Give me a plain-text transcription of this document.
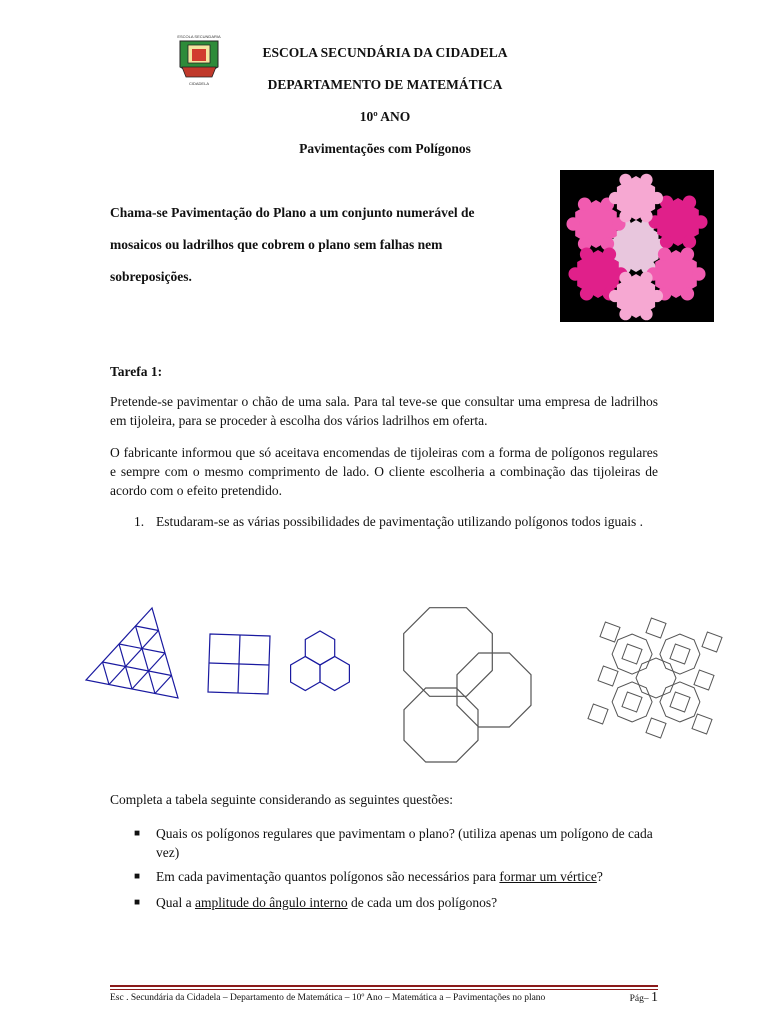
ESCOLA SECUNDARIA
CIDADELA
ESCOLA SECUNDÁRIA DA CIDADELA
DEPARTAMENTO DE MATEMÁTICA
10º ANO
Pavimentações com Polígonos
Chama-se Pavimentação do Plano a um conjunto numerável de
mosaicos ou ladrilhos que cobrem o plano sem falhas nem
sobreposições.
Tarefa 1:
Pretende-se pavimentar o chão de uma sala. Para tal teve-se que consultar uma empresa de ladrilhos em tijoleira, para se proceder à escolha dos vários ladrilhos em oferta.
O fabricante informou que só aceitava encomendas de tijoleiras com a forma de polígonos regulares e sempre com o mesmo comprimento de lado. O cliente escolheria a combinação das tijoleiras de acordo com o efeito pretendido.
1. Estudaram-se as várias possibilidades de pavimentação utilizando polígonos todos iguais .
Completa a tabela seguinte considerando as seguintes questões:
■ Quais os polígonos regulares que pavimentam o plano? (utiliza apenas um polígono de cada vez)
■ Em cada pavimentação quantos polígonos são necessários para formar um vértice?
■ Qual a amplitude do ângulo interno de cada um dos polígonos?
Esc . Secundária da Cidadela – Departamento de Matemática – 10º Ano – Matemática a – Pavimentações no plano	Pág– 1
